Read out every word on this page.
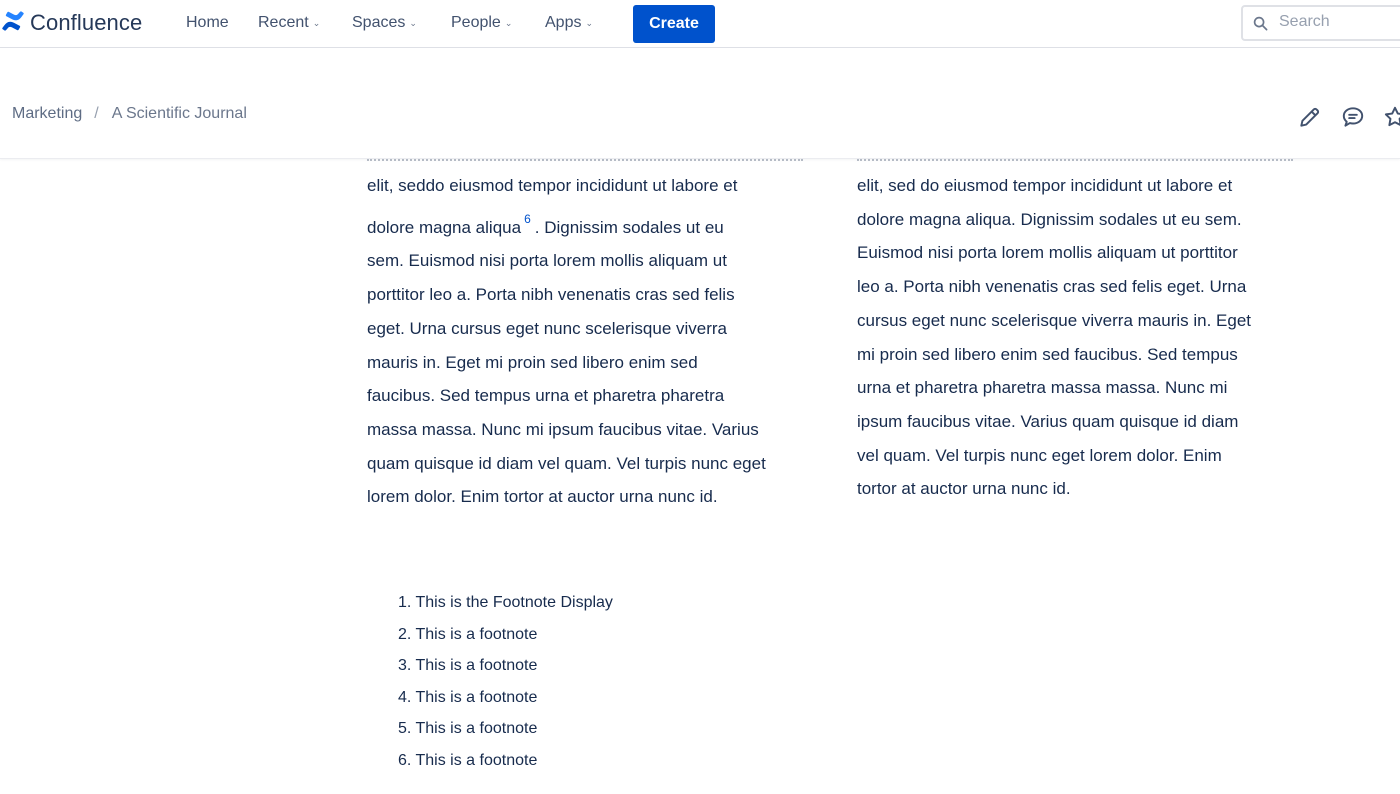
Confluence	Home Recent ⌄ Spaces ⌄ People ⌄ Apps ⌄	Create
Search
Marketing / A Scientific Journal
elit, seddo eiusmod tempor incididunt ut labore et
dolore magna aliqua $^6$ . Dignissim sodales ut eu
sem. Euismod nisi porta lorem mollis aliquam ut
porttitor leo a. Porta nibh venenatis cras sed felis
eget. Urna cursus eget nunc scelerisque viverra
mauris in. Eget mi proin sed libero enim sed
faucibus. Sed tempus urna et pharetra pharetra
massa massa. Nunc mi ipsum faucibus vitae. Varius
quam quisque id diam vel quam. Vel turpis nunc eget
lorem dolor. Enim tortor at auctor urna nunc id.
elit, sed do eiusmod tempor incididunt ut labore et
dolore magna aliqua. Dignissim sodales ut eu sem.
Euismod nisi porta lorem mollis aliquam ut porttitor
leo a. Porta nibh venenatis cras sed felis eget. Urna
cursus eget nunc scelerisque viverra mauris in. Eget
mi proin sed libero enim sed faucibus. Sed tempus
urna et pharetra pharetra massa massa. Nunc mi
ipsum faucibus vitae. Varius quam quisque id diam
vel quam. Vel turpis nunc eget lorem dolor. Enim
tortor at auctor urna nunc id.
1. This is the Footnote Display
2. This is a footnote
3. This is a footnote
4. This is a footnote
5. This is a footnote
6. This is a footnote
